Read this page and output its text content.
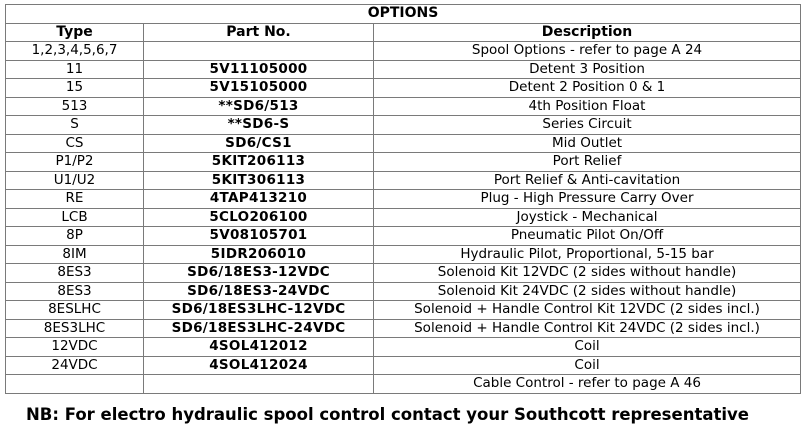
OPTIONS		
Type	Part No.	Description
1,2,3,4,5,6,7		Spool Options - refer to page A 24
11	5V11105000	Detent 3 Position
15	5V15105000	Detent 2 Position 0 & 1
513	**SD6/513	4th Position Float
S	**SD6-S	Series Circuit
CS	SD6/CS1	Mid Outlet
P1/P2	5KIT206113	Port Relief
U1/U2	5KIT306113	Port Relief & Anti-cavitation
RE	4TAP413210	Plug - High Pressure Carry Over
LCB	5CLO206100	Joystick - Mechanical
8P	5V08105701	Pneumatic Pilot On/Off
8IM	5IDR206010	Hydraulic Pilot, Proportional, 5-15 bar
8ES3	SD6/18ES3-12VDC	Solenoid Kit 12VDC (2 sides without handle)
8ES3	SD6/18ES3-24VDC	Solenoid Kit 24VDC (2 sides without handle)
8ESLHC	SD6/18ES3LHC-12VDC	Solenoid + Handle Control Kit 12VDC (2 sides incl.)
8ES3LHC	SD6/18ES3LHC-24VDC	Solenoid + Handle Control Kit 24VDC (2 sides incl.)
12VDC	4SOL412012	Coil
24VDC	4SOL412024	Coil
		Cable Control - refer to page A 46
NB: For electro hydraulic spool control contact your Southcott representative
